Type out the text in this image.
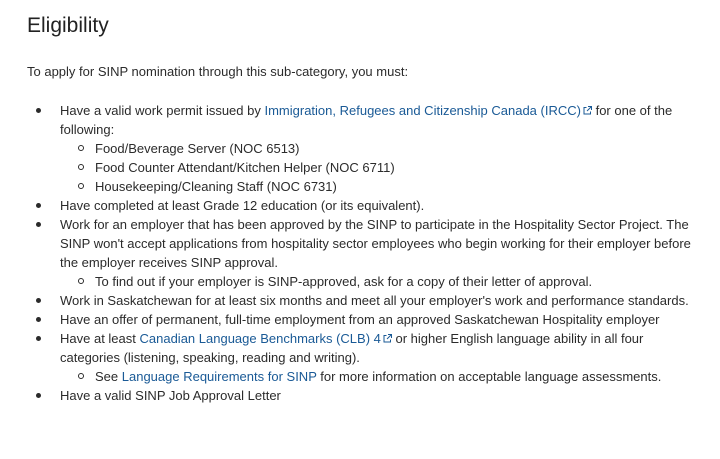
Eligibility

To apply for SINP nomination through this sub-category, you must:

Have a valid work permit issued by Immigration, Refugees and Citizenship Canada (IRCC)
for one of the following:
Food/Beverage Server (NOC 6513)
Food Counter Attendant/Kitchen Helper (NOC 6711)
Housekeeping/Cleaning Staff (NOC 6731)
Have completed at least Grade 12 education (or its equivalent).
Work for an employer that has been approved by the SINP to participate in the Hospitality Sector Project. The SINP won't accept applications from hospitality sector employees who begin working for their employer before the employer receives SINP approval.
To find out if your employer is SINP-approved, ask for a copy of their letter of approval.
Work in Saskatchewan for at least six months and meet all your employer's work and performance standards.
Have an offer of permanent, full-time employment from an approved Saskatchewan Hospitality employer
Have at least Canadian Language Benchmarks (CLB) 4
or higher English language ability in all four categories (listening, speaking, reading and writing).
See Language Requirements for SINP for more information on acceptable language assessments.
Have a valid SINP Job Approval Letter
